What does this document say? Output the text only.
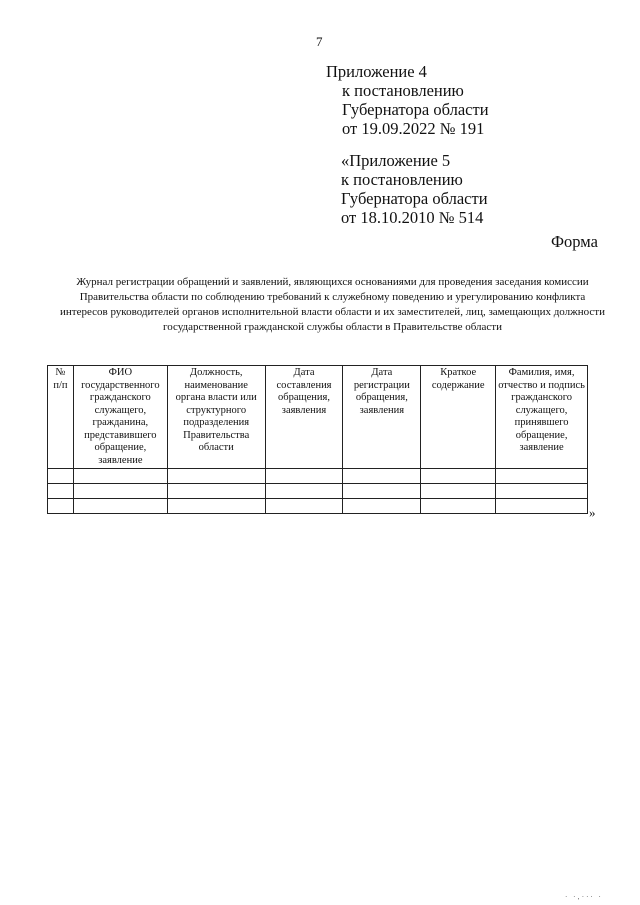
7
Приложение 4
к постановлению
Губернатора области
от 19.09.2022 № 191
«Приложение 5
к постановлению
Губернатора области
от 18.10.2010 № 514
Форма
Журнал регистрации обращений и заявлений, являющихся основаниями для проведения заседания комиссии Правительства области по соблюдению требований к служебному поведению и урегулированию конфликта интересов руководителей органов исполнительной власти области и их заместителей, лиц, замещающих должности государственной гражданской службы области в Правительстве области
№ п/п	ФИО государственного гражданского служащего, гражданина, представившего обращение, заявление	Должность, наименование органа власти или структурного подразделения Правительства области	Дата составления обращения, заявления	Дата регистрации обращения, заявления	Краткое содержание	Фамилия, имя, отчество и подпись гражданского служащего, принявшего обращение, заявление

»
· ·‚··· ·
